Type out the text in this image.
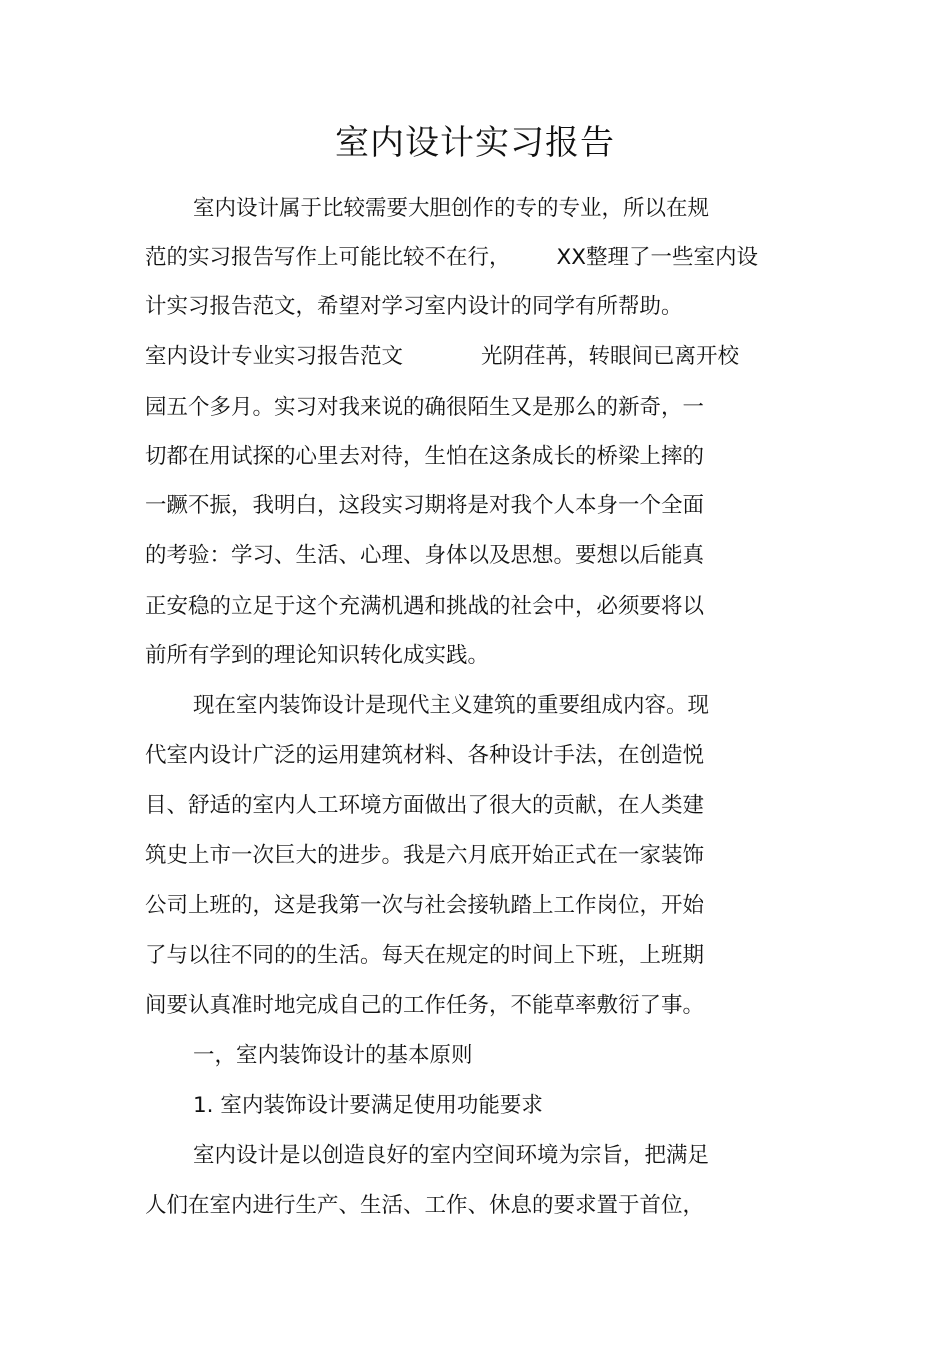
室内设计实习报告
室内设计属于比较需要大胆创作的专的专业，所以在规
范的实习报告写作上可能比较不在行， XX整理了一些室内设
计实习报告范文，希望对学习室内设计的同学有所帮助。
室内设计专业实习报告范文	光阴荏苒，转眼间已离开校
园五个多月。实习对我来说的确很陌生又是那么的新奇，一
切都在用试探的心里去对待，生怕在这条成长的桥梁上摔的
一蹶不振，我明白，这段实习期将是对我个人本身一个全面
的考验：学习、生活、心理、身体以及思想。要想以后能真
正安稳的立足于这个充满机遇和挑战的社会中，必须要将以
前所有学到的理论知识转化成实践。
现在室内装饰设计是现代主义建筑的重要组成内容。现
代室内设计广泛的运用建筑材料、各种设计手法，在创造悦
目、舒适的室内人工环境方面做出了很大的贡献，在人类建
筑史上市一次巨大的进步。我是六月底开始正式在一家装饰
公司上班的，这是我第一次与社会接轨踏上工作岗位，开始
了与以往不同的的生活。每天在规定的时间上下班，上班期
间要认真准时地完成自己的工作任务，不能草率敷衍了事。
一，室内装饰设计的基本原则
1. 室内装饰设计要满足使用功能要求
室内设计是以创造良好的室内空间环境为宗旨，把满足
人们在室内进行生产、生活、工作、休息的要求置于首位，
